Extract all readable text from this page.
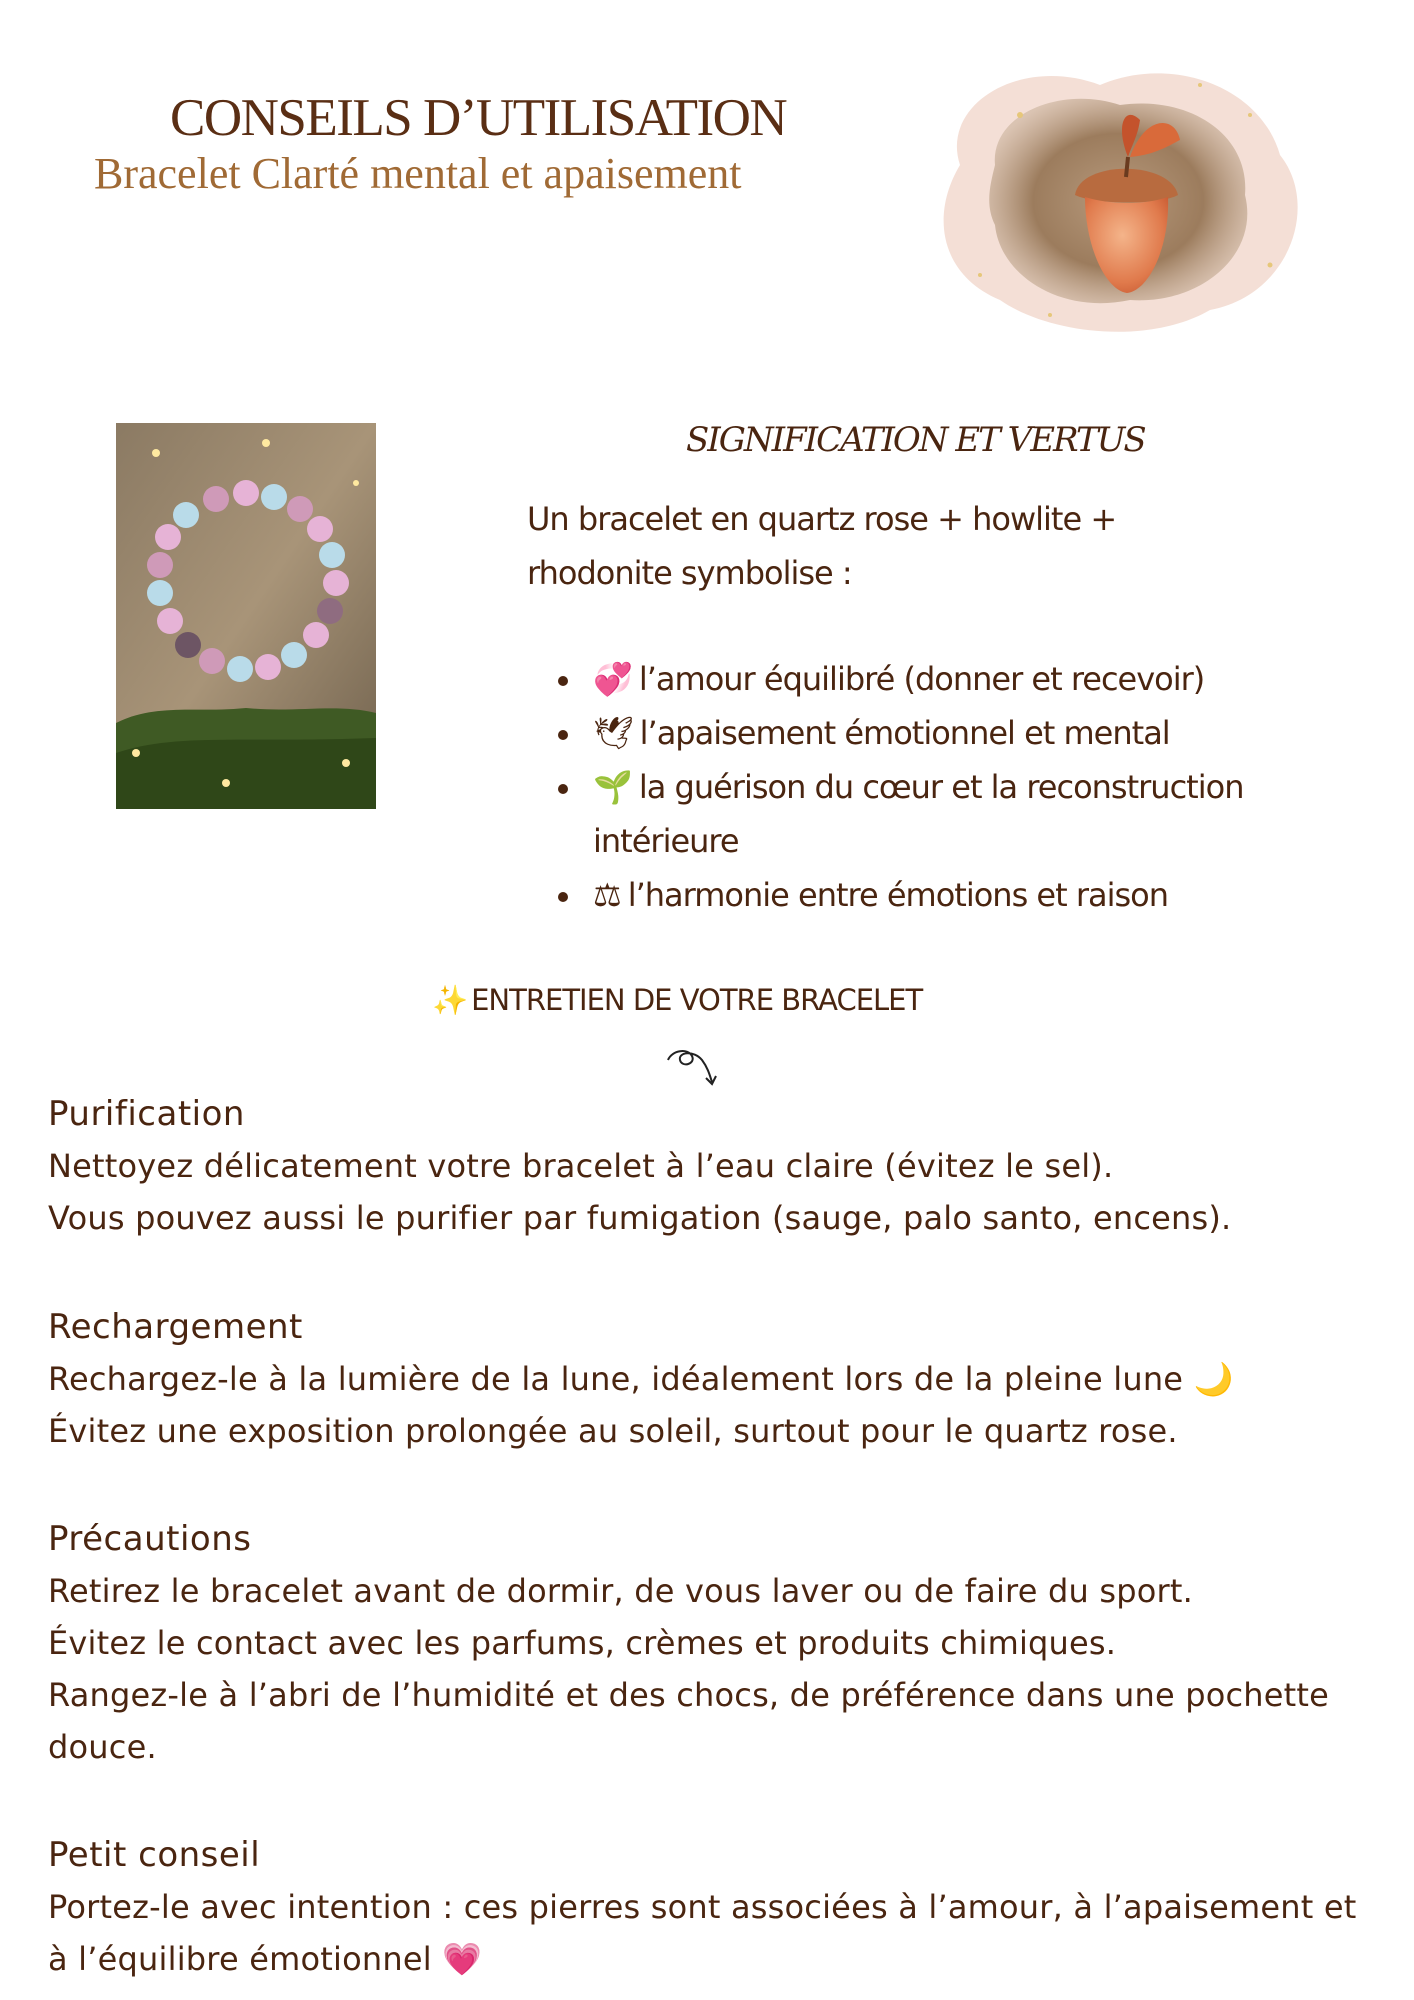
CONSEILS D’UTILISATION
Bracelet Clarté mental et apaisement
SIGNIFICATION ET VERTUS

Un bracelet en quartz rose + howlite + rhodonite symbolise :

💞 l’amour équilibré (donner et recevoir)
🕊 l’apaisement émotionnel et mental
🌱 la guérison du cœur et la reconstruction intérieure
⚖ l’harmonie entre émotions et raison
✨ ENTRETIEN DE VOTRE BRACELET
Purification

Nettoyez délicatement votre bracelet à l’eau claire (évitez le sel).

Vous pouvez aussi le purifier par fumigation (sauge, palo santo, encens).

Rechargement

Rechargez-le à la lumière de la lune, idéalement lors de la pleine lune 🌙

Évitez une exposition prolongée au soleil, surtout pour le quartz rose.

Précautions

Retirez le bracelet avant de dormir, de vous laver ou de faire du sport.

Évitez le contact avec les parfums, crèmes et produits chimiques.

Rangez-le à l’abri de l’humidité et des chocs, de préférence dans une pochette douce.

Petit conseil

Portez-le avec intention : ces pierres sont associées à l’amour, à l’apaisement et à l’équilibre émotionnel 💗
